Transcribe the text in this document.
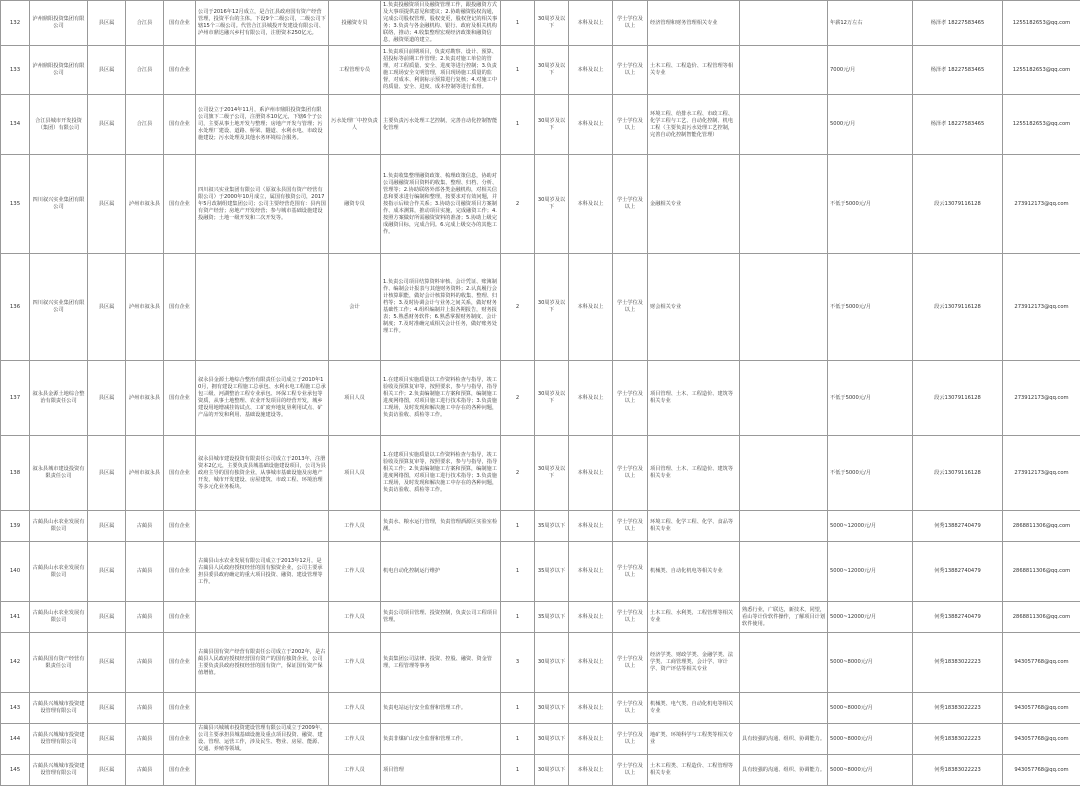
132	泸州鼎阳投资集团有限公司	县区属	合江县	国有企业	公司于2016年12月成立，是合江县政府国有资产经营管理，投资平台的主体。下设9个二级公司，二级公司下辖15个三级公司。代管合江县城投开发建设有限公司、泸州市鼎达融兴乡村有限公司，注册资本250亿元。	投融资专员	1.负责投融资项目及融资管理工作，跟投融资方式及大事项提供意见和建议；2.协助融资股权沟通，完成公司股权管理，股权变更，股权登记的相关事务；3.负责与各金融机构、银行、政府及相关机构联络，推动；4.收集整理宏观经济政策和融资信息，融资渠道的建立。	1	30周岁及以下	本科及以上	学士学位及以上	经济管理和财务管理相关专业		年薪12万左右	杨泽孝 18227583465	1255182653@qq.com
133	泸州鼎阳投资集团有限公司	县区属	合江县	国有企业		工程管理专员	1.负责项目前期项目，负责对勘察、设计、预算、招投标等前期工作管理；2.负责对施工单位的管理，对工程质量、安全、进度等进行控制；3.负责施工现场安全文明管理，项目现场施工质量的监督，对成本、利润标示预算进行复核；4.对施工中的质量、安全、进度、成本控制等进行监督。	1	30周岁及以下	本科及以上	学士学位及以上	土木工程、工程造价、工程管理等相关专业		7000元/月	杨泽孝 18227583465	1255182653@qq.com
134	合江县城市开发投资（集团）有限公司	县区属	合江县	国有企业	公司设立于2014年11月，系泸州市鼎阳投资集团有限公司旗下二级子公司，注册资本10亿元，下辖6个子公司，主要从事土地开发与整理；房地产开发与管理；污水处理厂建设、道路、桥梁、隧道、水利水电、市政设施建设；污水处理及其他水务环境综合服务。	污水处理厂中控负责人	主要负责污水处理工艺控制，完善自动化控制智能化管理	1	30周岁及以下	本科及以上	学士学位及以上	环境工程、给排水工程、市政工程、化学工程与工艺、自动化控制、机电工程（主要负责污水处理工艺控制，完善自动化控制智能化管理）		5000元/月	杨泽孝 18227583465	1255182653@qq.com
135	四川叙兴实业集团有限公司	县区属	泸州市叙永县	国有企业	四川叙兴实业集团有限公司（原叙永县国有资产经营有限公司）于2000年10月成立，属国有独资公司，2017年5月改制组建集团公司；公司主要经营范围有：县内国有资产经营；房地产开发经营；参与城市基础设施建设投融资；土地一级开发和二次开发等。	融资专员	1.负责收集整理融资政策、梳理政策信息，协助对公司融融资项目资料的收集、整理、归档、分析、管理等；2.协助联络外部各类金融机构，对相关信息和要求进行编制和整理，按要求对有效问题，并按指示后续合作关系；3.协助公司融资项目方案制作、成本测算，推动项目实施，完成融资工作；4.按照方案做好所需融资资料的准备；5.协助上级完成融资目标，完成合同。6.完成上级交办的其他工作。	2	30周岁及以下	本科及以上	学士学位及以上	金融相关专业		不低于5000元/月	段云13079116128	273912173@qq.com
136	四川叙兴实业集团有限公司	县区属	泸州市叙永县	国有企业		会计	1.负责公司项目结算资料审核、会计凭证、账簿制作、编制会计报表与其他财务资料；2.认真履行会计核算职能，做好会计核算资料的收集、整理、归档等；3.及时协调会计与业务之间关系，做好财务基础性工作；4.组织编制并上报各期报告，财务报表；5.熟悉财务软件；6.熟悉掌握财务制度、会计制度；7.及时准确完成相关会计任务，做好账务处理工作。	2	30周岁及以下	本科及以上	学士学位及以上	财会相关专业		不低于5000元/月	段云13079116128	273912173@qq.com
137	叙永县金源土地综合整治有限责任公司	县区属	泸州市叙永县	国有企业	叙永县金源土地综合整治有限责任公司成立于2010年10月，拥有建设工程施工总承包、水利水电工程施工总承包三级、河湖整治工程专业承包、环保工程专业承包等资质，从事土地整理、农业开发项目的经营开发，城乡建设用地增减挂钩试点、工矿废弃地复垦利用试点、矿产品的开发和利用、基础设施建设等。	项目人员	1.在建项目实施质量以工作资料检查与指导，竣工验收及预算复审等，按照要求，参与与指导，指导相关工作；2.负责编制施工方案和预算，编制施工进度网络图，对项目施工进行技术指导；3.负责施工现场，及时发现和解决施工中存在的各种问题，负责访验收、质检等工作。	2	30周岁及以下	本科及以上	学士学位及以上	项目管理、土木、工程造价、建筑等相关专业		不低于5000元/月	段云13079116128	273912173@qq.com
138	叙永县城市建设投资有限责任公司	县区属	泸州市叙永县	国有企业	叙永县城市建设投资有限责任公司成立于2013年，注册资本2亿元，主要负责县城基础设施建设项目，公司为县政府主导的国有独资企业，从事城市基础设施及房地产开发、城市开发建设、房屋建筑、市政工程、环境治理等多元化业务板块。	项目人员	1.在建项目实施质量以工作资料检查与指导，竣工验收及预算复审等，按照要求，参与与指导，指导相关工作；2.负责编制施工方案和预算，编制施工进度网络图，对项目施工进行技术指导；3.负责施工现场，及时发现和解决施工中存在的各种问题，负责访验收、质检等工作。	2	30周岁及以下	本科及以上	学士学位及以上	项目管理、土木、工程造价、建筑等相关专业		不低于5000元/月	段云13079116128	273912173@qq.com
139	古蔺县山水农业发展有限公司	县区属	古蔺县	国有企业		工作人员	负责水、粮水运行管理，负责管理酒源区实验室检测。	1	35周岁以下	本科及以上	学士学位及以上	环境工程、化学工程、化学、食品等相关专业		5000~12000元/月	何秀13882740479	2868811306@qq.com
140	古蔺县山水农业发展有限公司	县区属	古蔺县	国有企业	古蔺县山水农业发展有限公司成立于2013年12月，是古蔺县人民政府授权经营的国有独资企业，公司主要承担县委县政府确定的重大项目投资、融资、建设管理等工作。	工作人员	机电自动化控制运行维护	1	35周岁以下	本科及以上	学士学位及以上	机械类、自动化机电等相关专业		5000~12000元/月	何秀13882740479	2868811306@qq.com
141	古蔺县山水农业发展有限公司	县区属	古蔺县	国有企业		工作人员	负责公司项目管理、投资控制，负责公司工程项目管理。	1	35周岁以下	本科及以上	学士学位及以上	土木工程、水利类、工程管理等相关专业	熟悉行业，广联达，新技术，同望，看山等计价软件操作，了解项目计划软件使用。	5000~12000元/月	何秀13882740479	2868811306@qq.com
142	古蔺县国有资产经营有限责任公司	县区属	古蔺县	国有企业	古蔺县国有资产经营有限责任公司成立于2002年，是古蔺县人民政府授权经营国有资产的国有独资企业，公司主要负责县政府授权经营的国有资产，保证国有资产保值增值。	工作人员	负责集团公司法律、投资、控股、融资、资金管理，工程管理等事务	3	30周岁以下	本科及以上	学士学位及以上	经济学类、财政学类、金融学类、法学类、工商管理类、会计学、审计学、资产评估等相关专业		5000~8000元/月	何秀18383022223	943057768@qq.com
143	古蔺县兴城城市投资建设管理有限公司	县区属	古蔺县	国有企业		工作人员	负责电站运行安全监督和管理工作。	1	30周岁以下	本科及以上	学士学位及以上	机械类、电气类、自动化机电等相关专业		5000~8000元/月	何秀18383022223	943057768@qq.com
144	古蔺县兴城城市投资建设管理有限公司	县区属	古蔺县	国有企业	古蔺县兴城城市投资建设管理有限公司成立于2009年，公司主要承担县城基础设施及重点项目投资、融资、建设、管理、运营工作，涉及民生、物业、房屋、能源、交通、养殖等领域。	工作人员	负责非煤矿山安全监督和管理工作。	1	30周岁以下	本科及以上	学士学位及以上	地矿类、环境科学与工程类等相关专业	具有较强的沟通、组织、协调能力。	5000~8000元/月	何秀18383022223	943057768@qq.com
145	古蔺县兴城城市投资建设管理有限公司	县区属	古蔺县	国有企业		工作人员	项目管理	1	30周岁以下	本科及以上	学士学位及以上	土木工程类、工程造价、工程管理等相关专业	具有较强的沟通、组织、协调能力。	5000~8000元/月	何秀18383022223	943057768@qq.com
